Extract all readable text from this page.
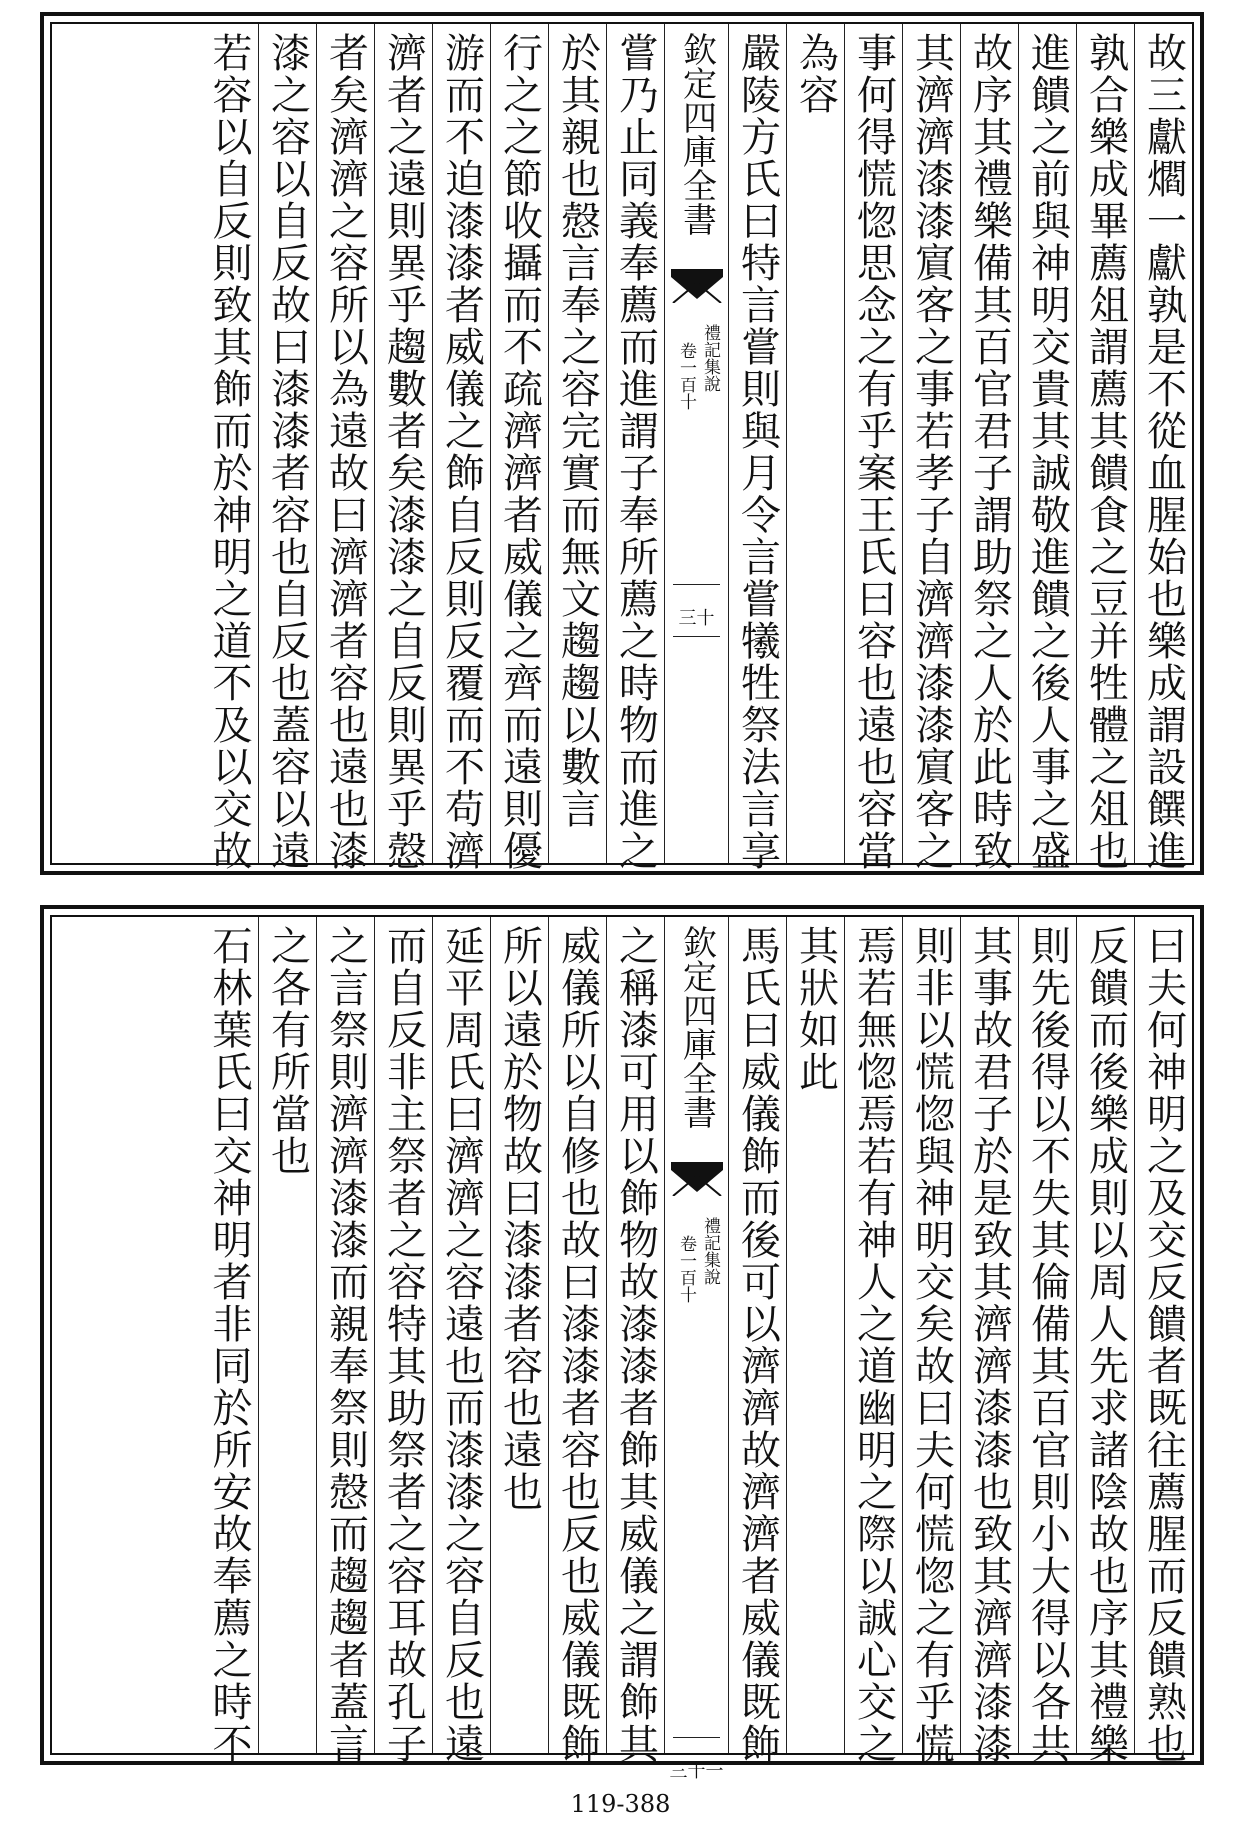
故三獻爓一獻孰是不從血腥始也樂成謂設饌進
孰合樂成畢薦俎謂薦其饋食之豆并牲體之俎也
進饋之前與神明交貴其誠敬進饋之後人事之盛
故序其禮樂備其百官君子謂助祭之人於此時致
其濟濟漆漆賔客之事若孝子自濟濟漆漆賔客之
事何得慌惚思念之有乎案王氏曰容也遠也容當
為容
嚴陵方氏曰特言嘗則與月令言嘗犧牲祭法言享
欽定四庫全書
禮記集說
卷一百十
三十
嘗乃止同義奉薦而進謂子奉所薦之時物而進之
於其親也慤言奉之容完實而無文趨趨以數言
行之之節收攝而不疏濟濟者威儀之齊而遠則優
游而不迫漆漆者威儀之飾自反則反覆而不苟濟
濟者之遠則異乎趨數者矣漆漆之自反則異乎慤
者矣濟濟之容所以為遠故曰濟濟者容也遠也漆
漆之容以自反故曰漆漆者容也自反也蓋容以遠
若容以自反則致其飾而於神明之道不及以交故
曰夫何神明之及交反饋者既往薦腥而反饋熟也
反饋而後樂成則以周人先求諸陰故也序其禮樂
則先後得以不失其倫備其百官則小大得以各共
其事故君子於是致其濟濟漆漆也致其濟濟漆漆
則非以慌惚與神明交矣故曰夫何慌惚之有乎慌
焉若無惚焉若有神人之道幽明之際以誠心交之
其狀如此
馬氏曰威儀飾而後可以濟濟故濟濟者威儀既飾
欽定四庫全書
禮記集說
卷一百十
三十一
之稱漆可用以飾物故漆漆者飾其威儀之謂飾其
威儀所以自修也故曰漆漆者容也反也威儀既飾
所以遠於物故曰漆漆者容也遠也
延平周氏曰濟濟之容遠也而漆漆之容自反也遠
而自反非主祭者之容特其助祭者之容耳故孔子
之言祭則濟濟漆漆而親奉祭則慤而趨趨者蓋言
之各有所當也
石林葉氏曰交神明者非同於所安故奉薦之時不
119-388
